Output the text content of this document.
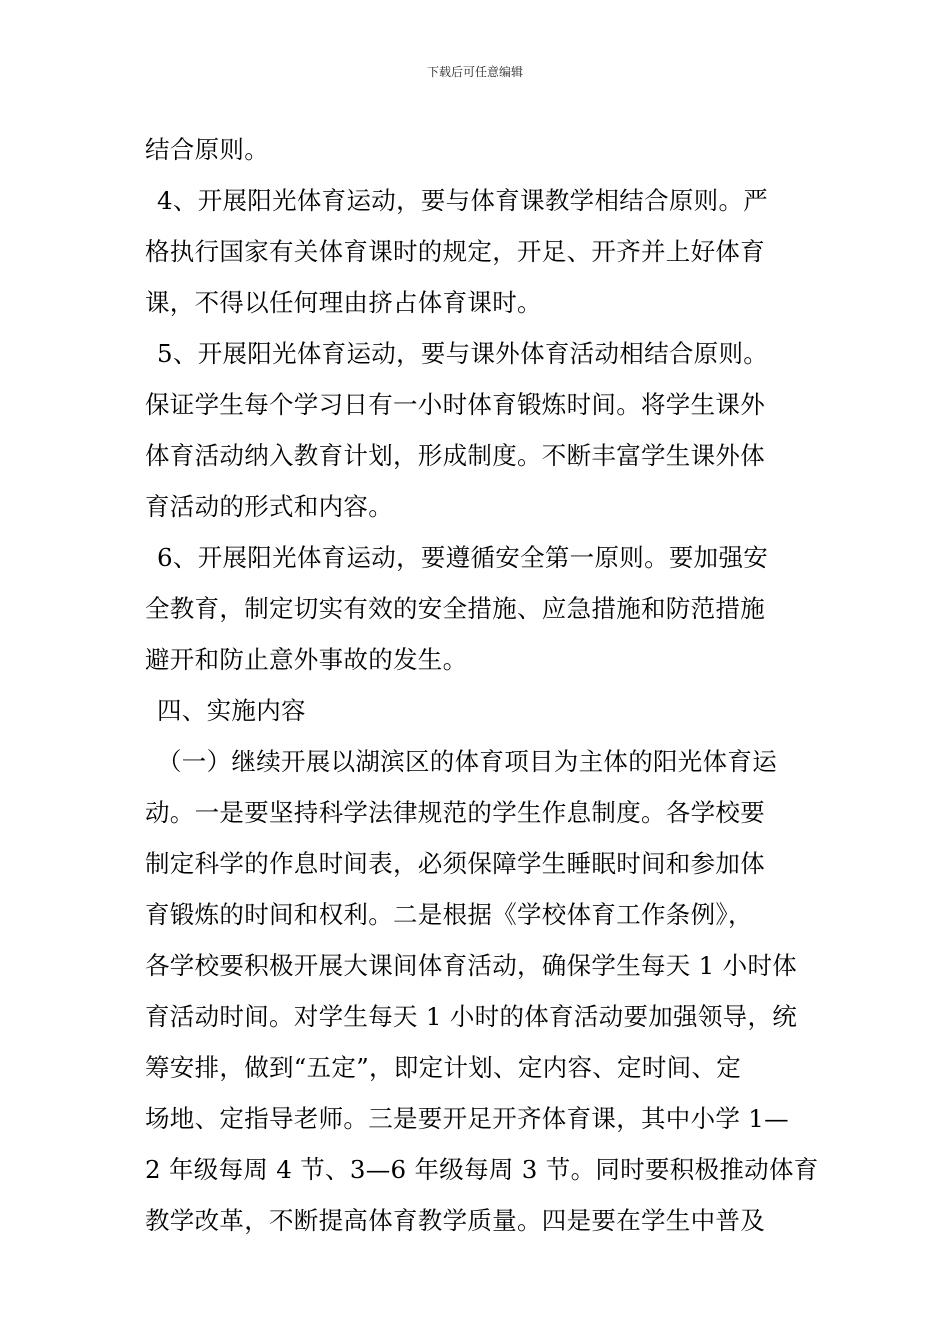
下载后可任意编辑
结合原则。
4、开展阳光体育运动，要与体育课教学相结合原则。严
格执行国家有关体育课时的规定，开足、开齐并上好体育
课，不得以任何理由挤占体育课时。
5、开展阳光体育运动，要与课外体育活动相结合原则。
保证学生每个学习日有一小时体育锻炼时间。将学生课外
体育活动纳入教育计划，形成制度。不断丰富学生课外体
育活动的形式和内容。
6、开展阳光体育运动，要遵循安全第一原则。要加强安
全教育，制定切实有效的安全措施、应急措施和防范措施
避开和防止意外事故的发生。
四、实施内容
（一）继续开展以湖滨区的体育项目为主体的阳光体育运
动。一是要坚持科学法律规范的学生作息制度。各学校要
制定科学的作息时间表，必须保障学生睡眠时间和参加体
育锻炼的时间和权利。二是根据《学校体育工作条例》，
各学校要积极开展大课间体育活动，确保学生每天 1 小时体
育活动时间。对学生每天 1 小时的体育活动要加强领导，统
筹安排，做到“五定”，即定计划、定内容、定时间、定
场地、定指导老师。三是要开足开齐体育课，其中小学 1—
2 年级每周 4 节、3—6 年级每周 3 节。同时要积极推动体育
教学改革，不断提高体育教学质量。四是要在学生中普及
